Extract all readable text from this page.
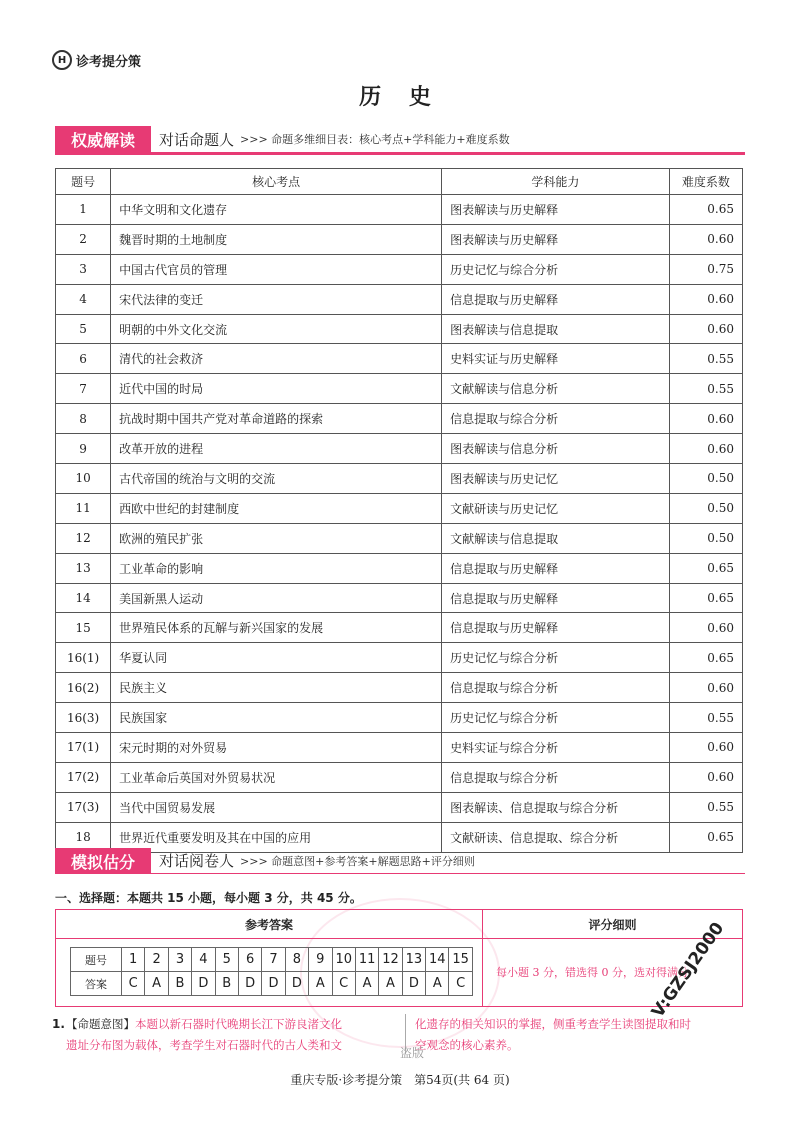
H 诊考提分策
历 史
权威解读	对话命题人 >>> 命题多维细目表：核心考点+学科能力+难度系数
题号	核心考点	学科能力	难度系数
1	中华文明和文化遗存	图表解读与历史解释	0.65
2	魏晋时期的土地制度	图表解读与历史解释	0.60
3	中国古代官员的管理	历史记忆与综合分析	0.75
4	宋代法律的变迁	信息提取与历史解释	0.60
5	明朝的中外文化交流	图表解读与信息提取	0.60
6	清代的社会救济	史料实证与历史解释	0.55
7	近代中国的时局	文献解读与信息分析	0.55
8	抗战时期中国共产党对革命道路的探索	信息提取与综合分析	0.60
9	改革开放的进程	图表解读与信息分析	0.60
10	古代帝国的统治与文明的交流	图表解读与历史记忆	0.50
11	西欧中世纪的封建制度	文献研读与历史记忆	0.50
12	欧洲的殖民扩张	文献解读与信息提取	0.50
13	工业革命的影响	信息提取与历史解释	0.65
14	美国新黑人运动	信息提取与历史解释	0.65
15	世界殖民体系的瓦解与新兴国家的发展	信息提取与历史解释	0.60
16(1)	华夏认同	历史记忆与综合分析	0.65
16(2)	民族主义	信息提取与综合分析	0.60
16(3)	民族国家	历史记忆与综合分析	0.55
17(1)	宋元时期的对外贸易	史料实证与综合分析	0.60
17(2)	工业革命后英国对外贸易状况	信息提取与综合分析	0.60
17(3)	当代中国贸易发展	图表解读、信息提取与综合分析	0.55
18	世界近代重要发明及其在中国的应用	文献研读、信息提取、综合分析	0.65
模拟估分	对话阅卷人 >>> 命题意图+参考答案+解题思路+评分细则
一、选择题：本题共 15 小题，每小题 3 分，共 45 分。
参考答案	评分细则
题号	1	2	3	4	5	6	7	8	9	10	11	12	13	14	15
答案	C	A	B	D	B	D	D	D	A	C	A	A	D	A	C
每小题 3 分，错选得 0 分，选对得满分
1. 【命题意图】本题以新石器时代晚期长江下游良渚文化
遗址分布图为载体，考查学生对石器时代的古人类和文
化遗存的相关知识的掌握，侧重考查学生读图提取和时
空观念的核心素养。
盗版
重庆专版·诊考提分策　第54页(共 64 页)
V:GZSJ2000
